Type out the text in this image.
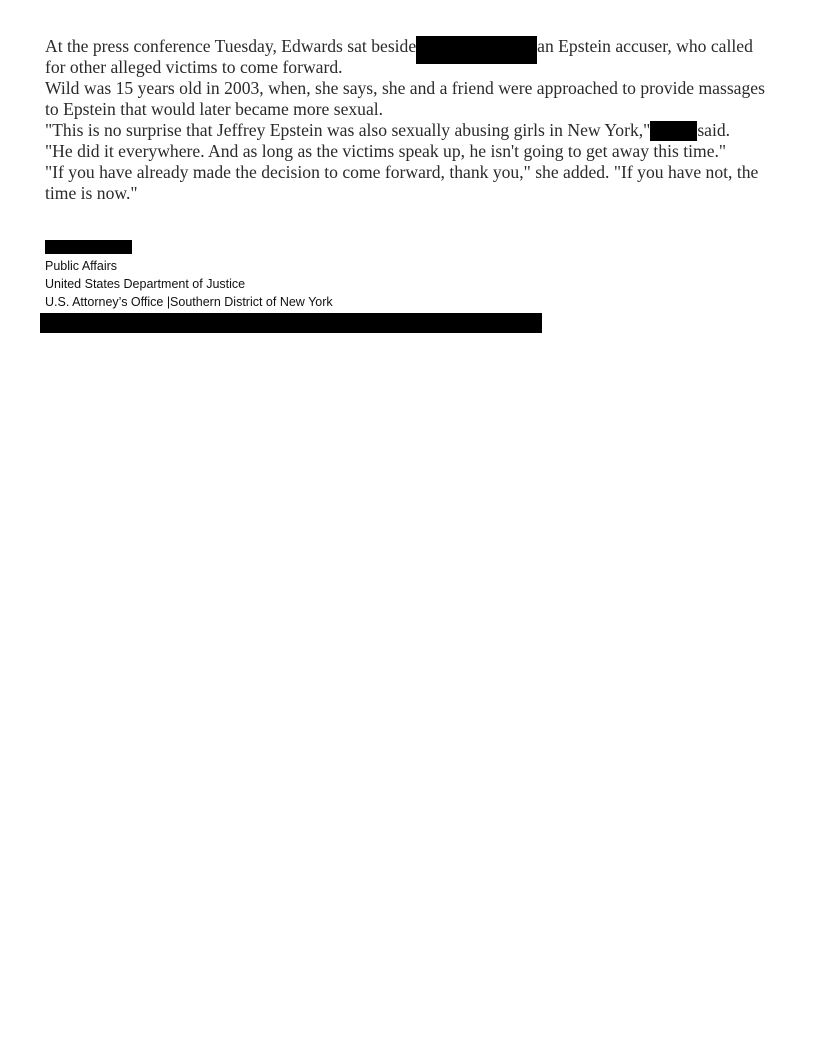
At the press conference Tuesday, Edwards sat beside	an Epstein accuser, who called for other alleged victims to come forward.

Wild was 15 years old in 2003, when, she says, she and a friend were approached to provide massages to Epstein that would later became more sexual.

"This is no surprise that Jeffrey Epstein was also sexually abusing girls in New York,"	said.

"He did it everywhere. And as long as the victims speak up, he isn't going to get away this time."

"If you have already made the decision to come forward, thank you," she added. "If you have not, the time is now."

Public Affairs
United States Department of Justice
U.S. Attorney’s Office |Southern District of New York
